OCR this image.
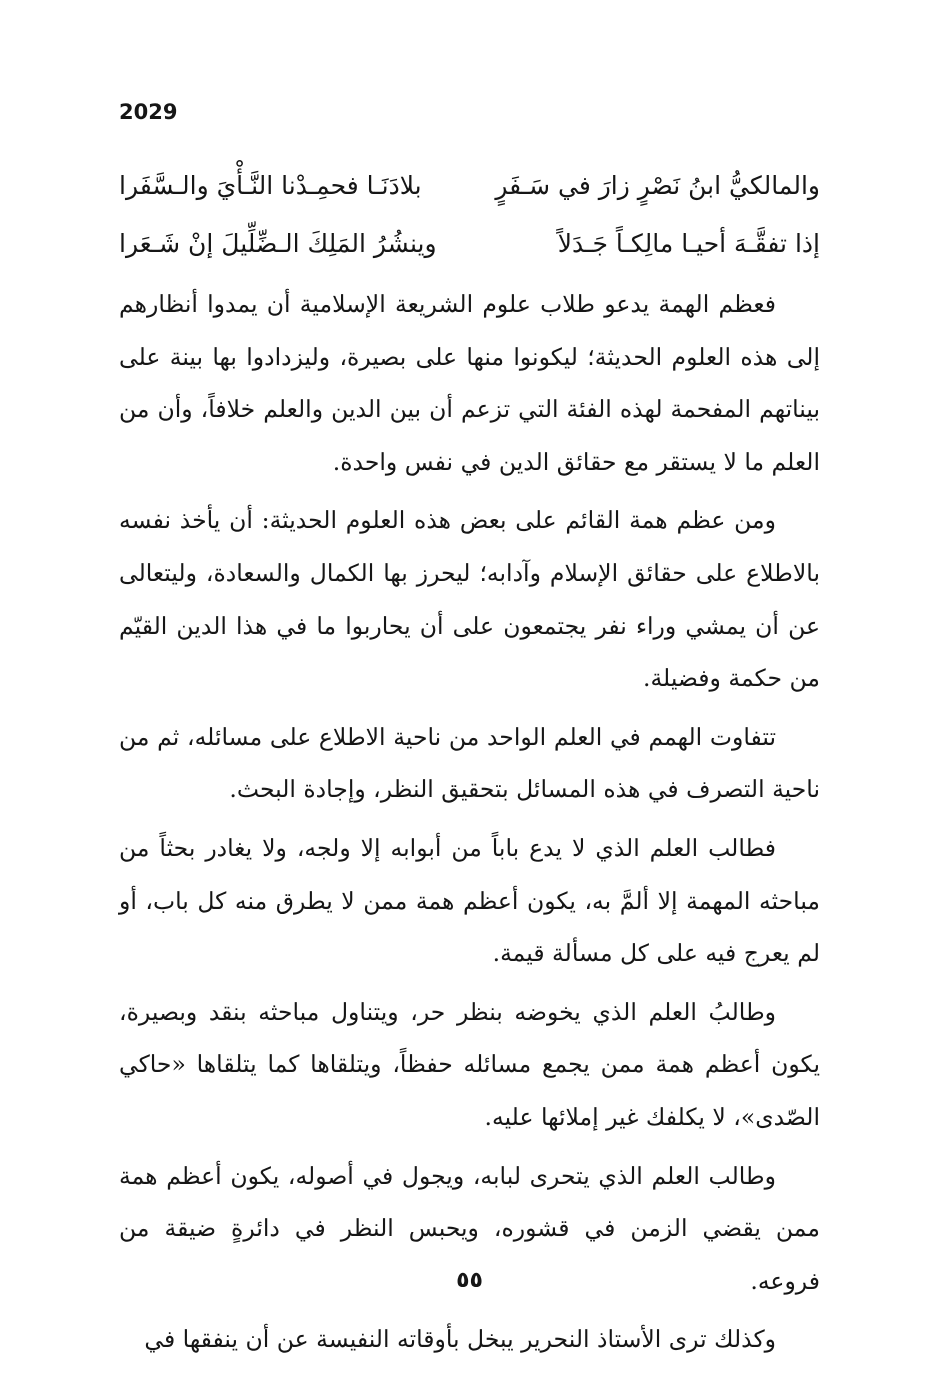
2029
والمالكيُّ ابنُ نَصْرٍ زارَ في سَـفَرٍ
بلادَنَـا فحمِـدْنا النَّـأْيَ والـسَّفَرا
إذا تفقَّـهَ أحيـا مالِكـاً جَـدَلاً
وينشُرُ المَلِكَ الـضِّلِّيلَ إنْ شَـعَرا

فعظم الهمة يدعو طلاب علوم الشريعة الإسلامية أن يمدوا أنظارهم إلى هذه العلوم الحديثة؛ ليكونوا منها على بصيرة، وليزدادوا بها بينة على بيناتهم المفحمة لهذه الفئة التي تزعم أن بين الدين والعلم خلافاً، وأن من العلم ما لا يستقر مع حقائق الدين في نفس واحدة.

ومن عظم همة القائم على بعض هذه العلوم الحديثة: أن يأخذ نفسه بالاطلاع على حقائق الإسلام وآدابه؛ ليحرز بها الكمال والسعادة، وليتعالى عن أن يمشي وراء نفر يجتمعون على أن يحاربوا ما في هذا الدين القيّم من حكمة وفضيلة.

تتفاوت الهمم في العلم الواحد من ناحية الاطلاع على مسائله، ثم من ناحية التصرف في هذه المسائل بتحقيق النظر، وإجادة البحث.

فطالب العلم الذي لا يدع باباً من أبوابه إلا ولجه، ولا يغادر بحثاً من مباحثه المهمة إلا ألمَّ به، يكون أعظم همة ممن لا يطرق منه كل باب، أو لم يعرج فيه على كل مسألة قيمة.

وطالبُ العلم الذي يخوضه بنظر حر، ويتناول مباحثه بنقد وبصيرة، يكون أعظم همة ممن يجمع مسائله حفظاً، ويتلقاها كما يتلقاها «حاكي الصّدى»، لا يكلفك غير إملائها عليه.

وطالب العلم الذي يتحرى لبابه، ويجول في أصوله، يكون أعظم همة ممن يقضي الزمن في قشوره، ويحبس النظر في دائرةٍ ضيقة من فروعه.

وكذلك ترى الأستاذ النحرير يبخل بأوقاته النفيسة عن أن ينفقها في

٥٥
